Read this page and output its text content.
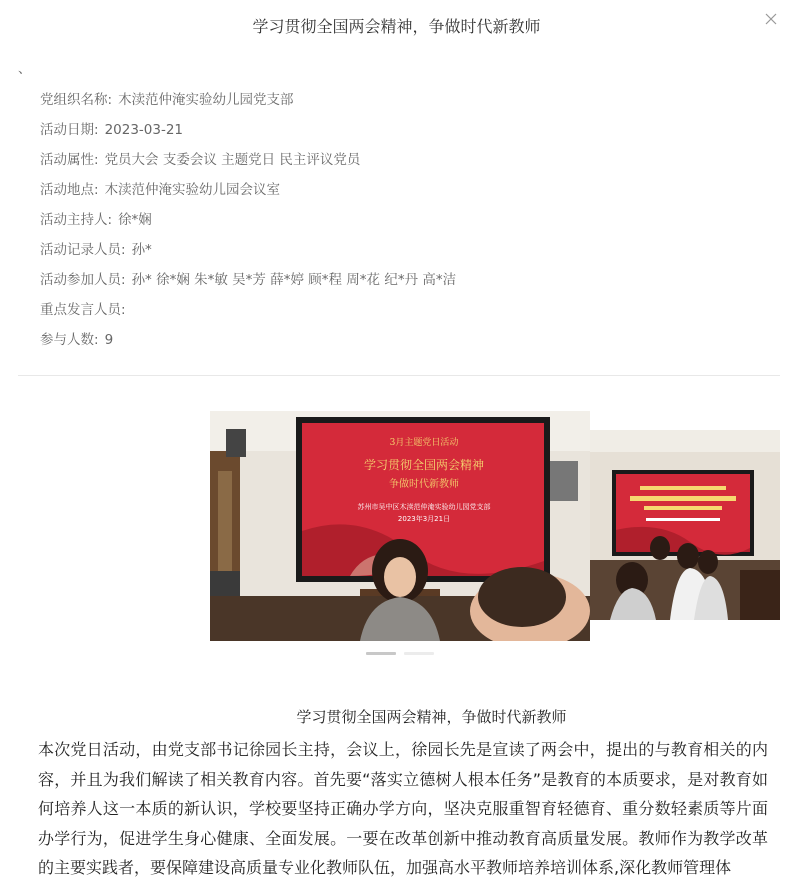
学习贯彻全国两会精神，争做时代新教师
、
党组织名称: 木渎范仲淹实验幼儿园党支部
活动日期: 2023-03-21
活动属性: 党员大会 支委会议 主题党日 民主评议党员
活动地点: 木渎范仲淹实验幼儿园会议室
活动主持人: 徐*娴
活动记录人员: 孙*
活动参加人员: 孙* 徐*娴 朱*敏 吴*芳 薛*婷 顾*程 周*花 纪*丹 高*洁
重点发言人员:
参与人数: 9
3月主题党日活动
学习贯彻全国两会精神
争做时代新教师
苏州市吴中区木渎范仲淹实验幼儿园党支部
2023年3月21日
学习贯彻全国两会精神，争做时代新教师
本次党日活动，由党支部书记徐园长主持，会议上，徐园长先是宣读了两会中，提出的与教育相关的内容，并且为我们解读了相关教育内容。首先要“落实立德树人根本任务”是教育的本质要求，是对教育如何培养人这一本质的新认识，学校要坚持正确办学方向，坚决克服重智育轻德育、重分数轻素质等片面办学行为，促进学生身心健康、全面发展。一要在改革创新中推动教育高质量发展。教师作为教学改革的主要实践者，要保障建设高质量专业化教师队伍，加强高水平教师培养培训体系,深化教师管理体
